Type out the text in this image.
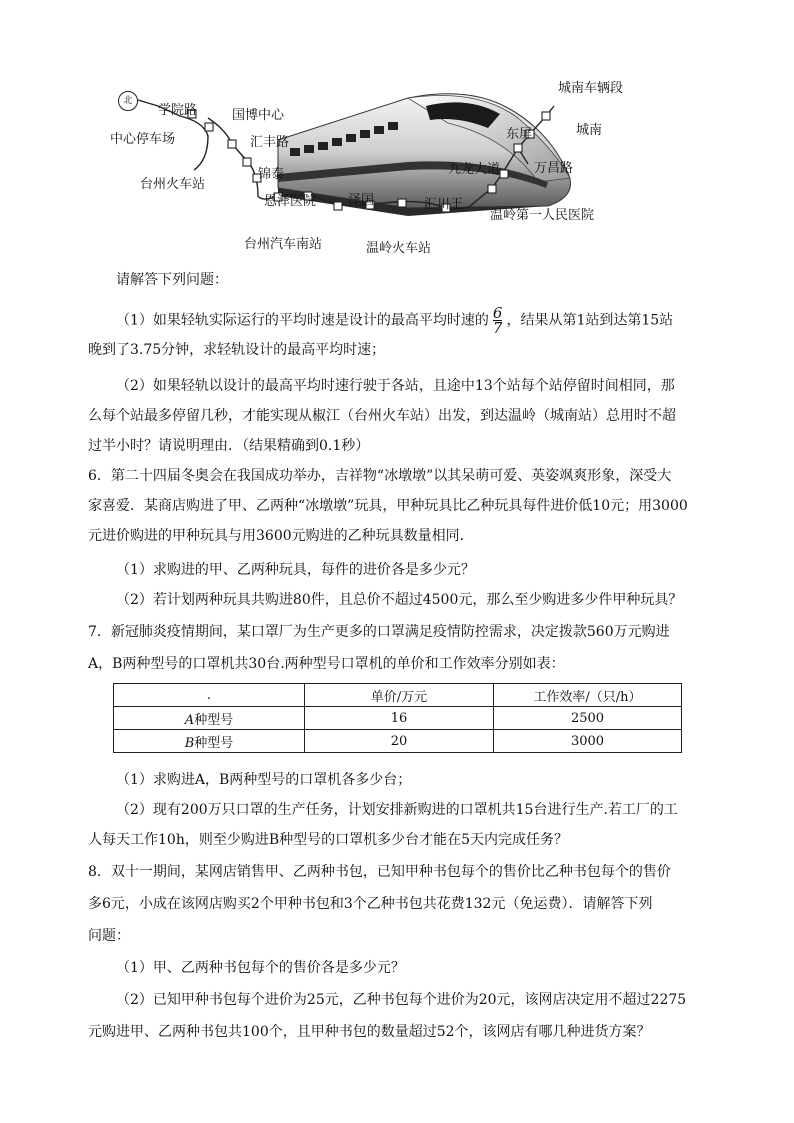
北
学院路	国博中心
中心停车场	汇丰路
台州火车站
锦泰
恩泽医院 泽国	汇川王
台州汽车南站	温岭火车站
九龙大道	万昌路
东屏	城南
城南车辆段
温岭第一人民医院
请解答下列问题：
（1）如果轻轨实际运行的平均时速是设计的最高平均时速的 $\frac{6}{7}$ ，结果从第1站到达第15站
晚到了3.75分钟，求轻轨设计的最高平均时速；
（2）如果轻轨以设计的最高平均时速行驶于各站，且途中13个站每个站停留时间相同，那
么每个站最多停留几秒，才能实现从椒江（台州火车站）出发，到达温岭（城南站）总用时不超
过半小时？请说明理由．（结果精确到0.1秒）
6．第二十四届冬奥会在我国成功举办，吉祥物“冰墩墩”以其呆萌可爱、英姿飒爽形象，深受大
家喜爱．某商店购进了甲、乙两种“冰墩墩”玩具，甲种玩具比乙种玩具每件进价低10元；用3000
元进价购进的甲种玩具与用3600元购进的乙种玩具数量相同．
（1）求购进的甲、乙两种玩具，每件的进价各是多少元？
（2）若计划两种玩具共购进80件，且总价不超过4500元，那么至少购进多少件甲种玩具？
7．新冠肺炎疫情期间，某口罩厂为生产更多的口罩满足疫情防控需求，决定拨款560万元购进
A，B两种型号的口罩机共30台.两种型号口罩机的单价和工作效率分别如表：
.	单价/万元	工作效率/（只/h）
A种型号	16	2500
B种型号	20	3000
（1）求购进A，B两种型号的口罩机各多少台；
（2）现有200万只口罩的生产任务，计划安排新购进的口罩机共15台进行生产.若工厂的工
人每天工作10h，则至少购进B种型号的口罩机多少台才能在5天内完成任务？
8．双十一期间，某网店销售甲、乙两种书包，已知甲种书包每个的售价比乙种书包每个的售价
多6元，小成在该网店购买2个甲种书包和3个乙种书包共花费132元（免运费）．请解答下列
问题：
（1）甲、乙两种书包每个的售价各是多少元？
（2）已知甲种书包每个进价为25元，乙种书包每个进价为20元，该网店决定用不超过2275
元购进甲、乙两种书包共100个，且甲种书包的数量超过52个，该网店有哪几种进货方案？
